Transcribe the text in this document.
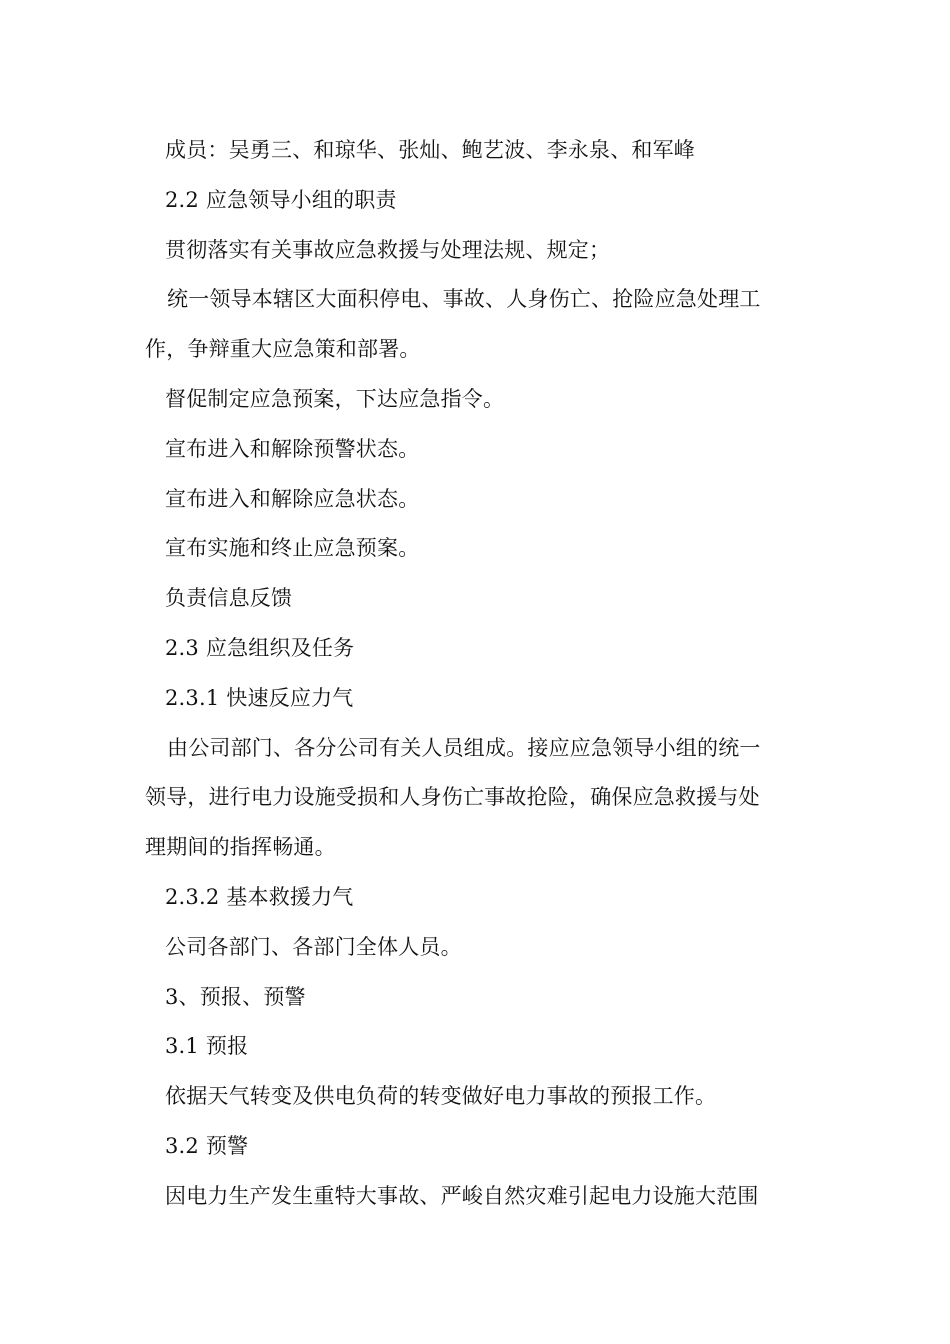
成员：吴勇三、和琼华、张灿、鲍艺波、李永泉、和军峰

2.2 应急领导小组的职责

贯彻落实有关事故应急救援与处理法规、规定；

统一领导本辖区大面积停电、事故、人身伤亡、抢险应急处理工
作，争辩重大应急策和部署。

督促制定应急预案，下达应急指令。

宣布进入和解除预警状态。

宣布进入和解除应急状态。

宣布实施和终止应急预案。

负责信息反馈

2.3 应急组织及任务

2.3.1 快速反应力气

由公司部门、各分公司有关人员组成。接应应急领导小组的统一
领导，进行电力设施受损和人身伤亡事故抢险，确保应急救援与处
理期间的指挥畅通。

2.3.2 基本救援力气

公司各部门、各部门全体人员。

3、预报、预警

3.1 预报

依据天气转变及供电负荷的转变做好电力事故的预报工作。

3.2 预警

因电力生产发生重特大事故、严峻自然灾难引起电力设施大范围
